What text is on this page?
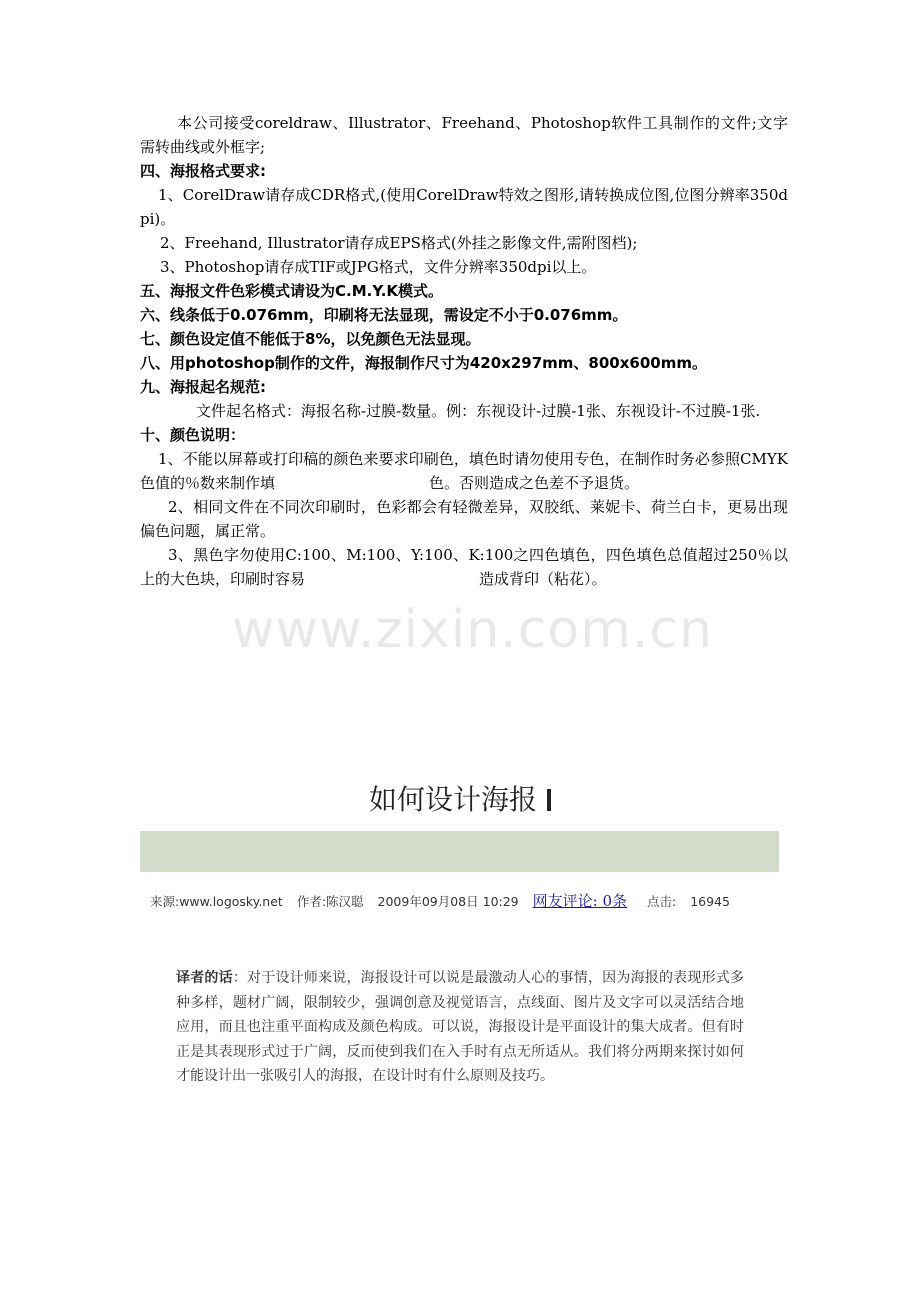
本公司接受coreldraw、Illustrator、Freehand、Photoshop软件工具制作的文件;文字需转曲线或外框字;

四、海报格式要求:

1、CorelDraw请存成CDR格式,(使用CorelDraw特效之图形,请转换成位图,位图分辨率350dpi)。

2、Freehand, Illustrator请存成EPS格式(外挂之影像文件,需附图档);

3、Photoshop请存成TIF或JPG格式，文件分辨率350dpi以上。

五、海报文件色彩模式请设为C.M.Y.K模式。

六、线条低于0.076mm，印刷将无法显现，需设定不小于0.076mm。

七、颜色设定值不能低于8%，以免颜色无法显现。

八、用photoshop制作的文件，海报制作尺寸为420x297mm、800x600mm。

九、海报起名规范:

文件起名格式：海报名称-过膜-数量。例：东视设计-过膜-1张、东视设计-不过膜-1张.

十、颜色说明：

1、不能以屏幕或打印稿的颜色来要求印刷色，填色时请勿使用专色，在制作时务必参照CMYK色值的％数来制作填	色。否则造成之色差不予退货。

2、相同文件在不同次印刷时，色彩都会有轻微差异，双胶纸、莱妮卡、荷兰白卡，更易出现偏色问题，属正常。

3、黑色字勿使用C:100、M:100、Y:100、K:100之四色填色，四色填色总值超过250％以上的大色块，印刷时容易	造成背印（粘花）。

www.zixin.com.cn
如何设计海报
来源:www.logosky.net 作者:陈汉聪 2009年09月08日 10:29 网友评论: 0条 点击: 16945
译者的话：对于设计师来说，海报设计可以说是最激动人心的事情，因为海报的表现形式多种多样，题材广阔，限制较少，强调创意及视觉语言，点线面、图片及文字可以灵活结合地应用，而且也注重平面构成及颜色构成。可以说，海报设计是平面设计的集大成者。但有时正是其表现形式过于广阔，反而使到我们在入手时有点无所适从。我们将分两期来探讨如何才能设计出一张吸引人的海报，在设计时有什么原则及技巧。
